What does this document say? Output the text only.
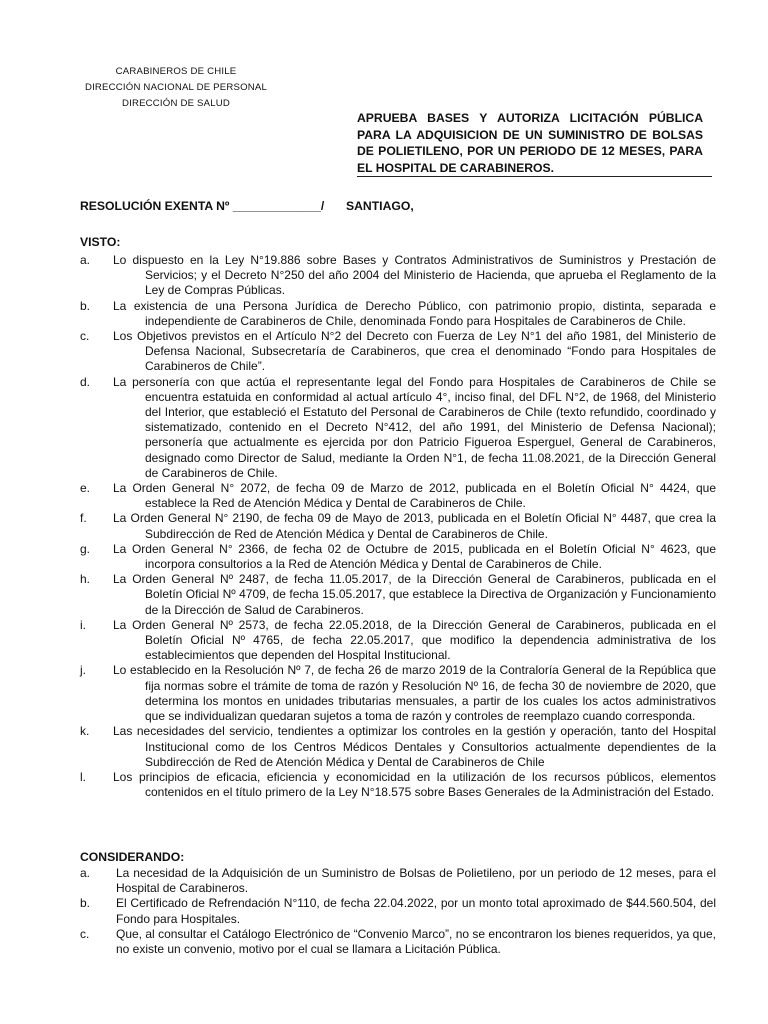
CARABINEROS DE CHILE
DIRECCIÓN NACIONAL DE PERSONAL
DIRECCIÓN DE SALUD
APRUEBA BASES Y AUTORIZA LICITACIÓN PÚBLICA PARA LA ADQUISICION DE UN SUMINISTRO DE BOLSAS DE POLIETILENO, POR UN PERIODO DE 12 MESES, PARA EL HOSPITAL DE CARABINEROS.
RESOLUCIÓN EXENTA Nº _____________/ SANTIAGO,
VISTO:
a. Lo dispuesto en la Ley N°19.886 sobre Bases y Contratos Administrativos de Suministros y Prestación de Servicios; y el Decreto N°250 del año 2004 del Ministerio de Hacienda, que aprueba el Reglamento de la Ley de Compras Públicas.
b. La existencia de una Persona Jurídica de Derecho Público, con patrimonio propio, distinta, separada e independiente de Carabineros de Chile, denominada Fondo para Hospitales de Carabineros de Chile.
c. Los Objetivos previstos en el Artículo N°2 del Decreto con Fuerza de Ley N°1 del año 1981, del Ministerio de Defensa Nacional, Subsecretaría de Carabineros, que crea el denominado “Fondo para Hospitales de Carabineros de Chile”.
d. La personería con que actúa el representante legal del Fondo para Hospitales de Carabineros de Chile se encuentra estatuida en conformidad al actual artículo 4°, inciso final, del DFL N°2, de 1968, del Ministerio del Interior, que estableció el Estatuto del Personal de Carabineros de Chile (texto refundido, coordinado y sistematizado, contenido en el Decreto N°412, del año 1991, del Ministerio de Defensa Nacional); personería que actualmente es ejercida por don Patricio Figueroa Esperguel, General de Carabineros, designado como Director de Salud, mediante la Orden N°1, de fecha 11.08.2021, de la Dirección General de Carabineros de Chile.
e. La Orden General N° 2072, de fecha 09 de Marzo de 2012, publicada en el Boletín Oficial N° 4424, que establece la Red de Atención Médica y Dental de Carabineros de Chile.
f. La Orden General N° 2190, de fecha 09 de Mayo de 2013, publicada en el Boletín Oficial N° 4487, que crea la Subdirección de Red de Atención Médica y Dental de Carabineros de Chile.
g. La Orden General N° 2366, de fecha 02 de Octubre de 2015, publicada en el Boletín Oficial N° 4623, que incorpora consultorios a la Red de Atención Médica y Dental de Carabineros de Chile.
h. La Orden General Nº 2487, de fecha 11.05.2017, de la Dirección General de Carabineros, publicada en el Boletín Oficial Nº 4709, de fecha 15.05.2017, que establece la Directiva de Organización y Funcionamiento de la Dirección de Salud de Carabineros.
i. La Orden General Nº 2573, de fecha 22.05.2018, de la Dirección General de Carabineros, publicada en el Boletín Oficial Nº 4765, de fecha 22.05.2017, que modifico la dependencia administrativa de los establecimientos que dependen del Hospital Institucional.
j. Lo establecido en la Resolución Nº 7, de fecha 26 de marzo 2019 de la Contraloría General de la República que fija normas sobre el trámite de toma de razón y Resolución Nº 16, de fecha 30 de noviembre de 2020, que determina los montos en unidades tributarias mensuales, a partir de los cuales los actos administrativos que se individualizan quedaran sujetos a toma de razón y controles de reemplazo cuando corresponda.
k. Las necesidades del servicio, tendientes a optimizar los controles en la gestión y operación, tanto del Hospital Institucional como de los Centros Médicos Dentales y Consultorios actualmente dependientes de la Subdirección de Red de Atención Médica y Dental de Carabineros de Chile
l. Los principios de eficacia, eficiencia y economicidad en la utilización de los recursos públicos, elementos contenidos en el título primero de la Ley N°18.575 sobre Bases Generales de la Administración del Estado.
CONSIDERANDO:
a. La necesidad de la Adquisición de un Suministro de Bolsas de Polietileno, por un periodo de 12 meses, para el Hospital de Carabineros.
b. El Certificado de Refrendación N°110, de fecha 22.04.2022, por un monto total aproximado de $44.560.504, del Fondo para Hospitales.
c. Que, al consultar el Catálogo Electrónico de “Convenio Marco”, no se encontraron los bienes requeridos, ya que, no existe un convenio, motivo por el cual se llamara a Licitación Pública.
